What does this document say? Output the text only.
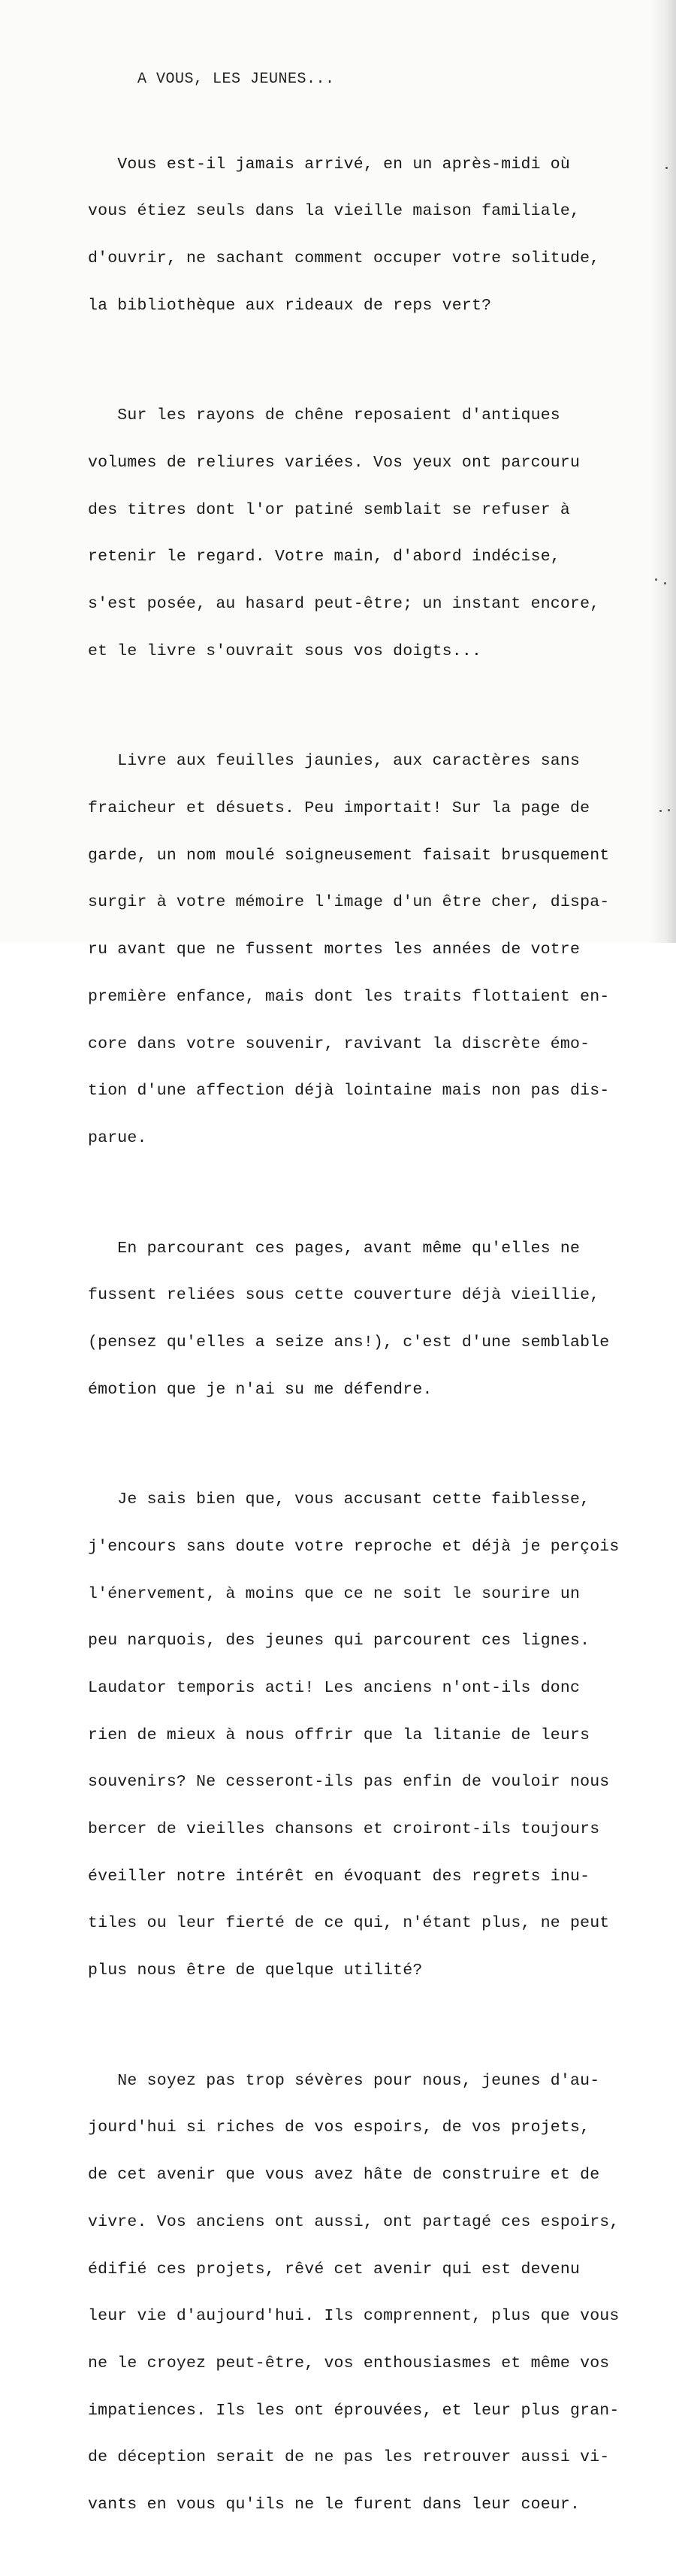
A VOUS, LES JEUNES...

Vous est-il jamais arrivé, en un après-midi où

vous étiez seuls dans la vieille maison familiale,

d'ouvrir, ne sachant comment occuper votre solitude,

la bibliothèque aux rideaux de reps vert?

Sur les rayons de chêne reposaient d'antiques

volumes de reliures variées. Vos yeux ont parcouru

des titres dont l'or patiné semblait se refuser à

retenir le regard. Votre main, d'abord indécise,

s'est posée, au hasard peut-être; un instant encore,

et le livre s'ouvrait sous vos doigts...

Livre aux feuilles jaunies, aux caractères sans

fraicheur et désuets. Peu importait! Sur la page de

garde, un nom moulé soigneusement faisait brusquement

surgir à votre mémoire l'image d'un être cher, dispa-

ru avant que ne fussent mortes les années de votre

première enfance, mais dont les traits flottaient en-

core dans votre souvenir, ravivant la discrète émo-

tion d'une affection déjà lointaine mais non pas dis-

parue.

En parcourant ces pages, avant même qu'elles ne

fussent reliées sous cette couverture déjà vieillie,

(pensez qu'elles a seize ans!), c'est d'une semblable

émotion que je n'ai su me défendre.

Je sais bien que, vous accusant cette faiblesse,

j'encours sans doute votre reproche et déjà je perçois

l'énervement, à moins que ce ne soit le sourire un

peu narquois, des jeunes qui parcourent ces lignes.

Laudator temporis acti! Les anciens n'ont-ils donc

rien de mieux à nous offrir que la litanie de leurs

souvenirs? Ne cesseront-ils pas enfin de vouloir nous

bercer de vieilles chansons et croiront-ils toujours

éveiller notre intérêt en évoquant des regrets inu-

tiles ou leur fierté de ce qui, n'étant plus, ne peut

plus nous être de quelque utilité?

Ne soyez pas trop sévères pour nous, jeunes d'au-

jourd'hui si riches de vos espoirs, de vos projets,

de cet avenir que vous avez hâte de construire et de

vivre. Vos anciens ont aussi, ont partagé ces espoirs,

édifié ces projets, rêvé cet avenir qui est devenu

leur vie d'aujourd'hui. Ils comprennent, plus que vous

ne le croyez peut-être, vos enthousiasmes et même vos

impatiences. Ils les ont éprouvées, et leur plus gran-

de déception serait de ne pas les retrouver aussi vi-

vants en vous qu'ils ne le furent dans leur coeur.
